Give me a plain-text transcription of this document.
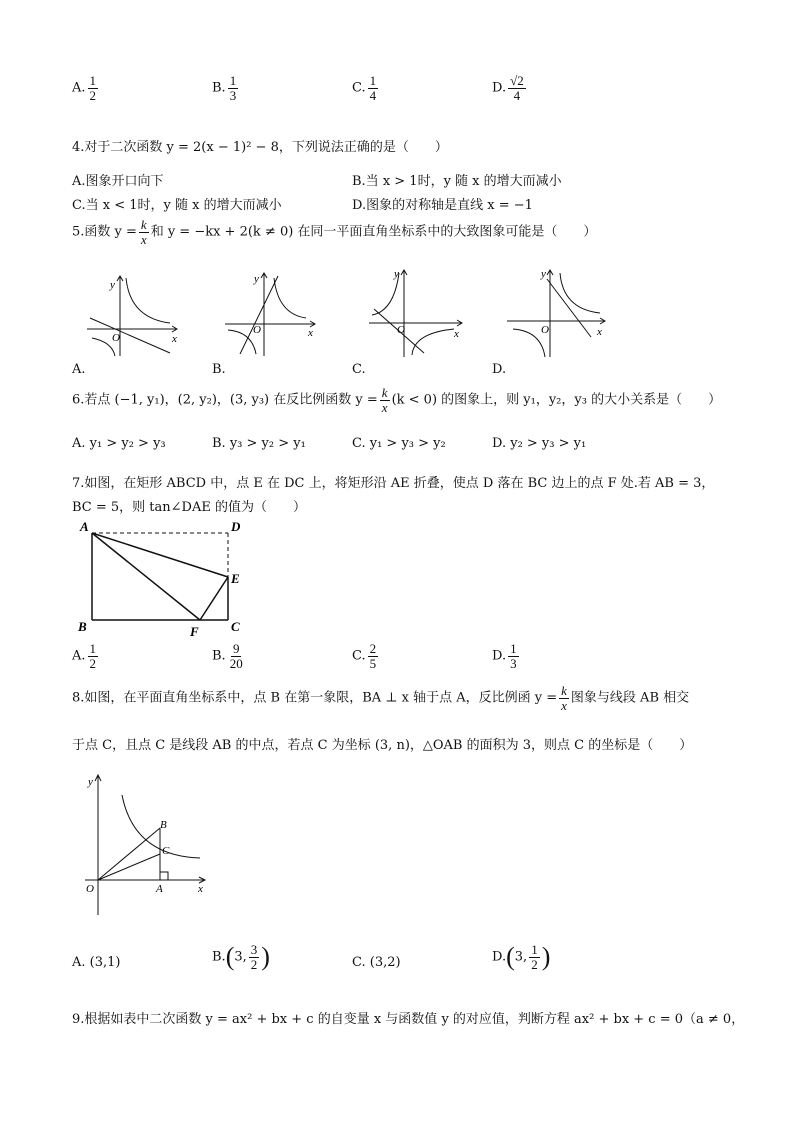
A. $\frac{1}{2}$	B. $\frac{1}{3}$	C. $\frac{1}{4}$	D. $\frac{√2}{4}$
4.对于二次函数 y = 2(x − 1)² − 8，下列说法正确的是（　　）
A.图象开口向下	B.当 x > 1时，y 随 x 的增大而减小
C.当 x < 1时，y 随 x 的增大而减小	D.图象的对称轴是直线 x = −1
5.函数 $y = \frac{k}{x}$ 和 y = −kx + 2(k ≠ 0) 在同一平面直角坐标系中的大致图象可能是（　　）
y
x
O
A.
y
x
O
B.
y
x
O
C.
y
x
O
D.
6.若点 (−1, y₁)，(2, y₂)，(3, y₃) 在反比例函数 $y = \frac{k}{x} (k < 0)$ 的图象上，则 y₁，y₂，y₃ 的大小关系是（　　）
A. y₁ > y₂ > y₃	B. y₃ > y₂ > y₁	C. y₁ > y₃ > y₂	D. y₂ > y₃ > y₁
7.如图，在矩形 ABCD 中，点 E 在 DC 上，将矩形沿 AE 折叠，使点 D 落在 BC 边上的点 F 处.若 AB = 3，
BC = 5，则 tan∠DAE 的值为（　　）
A	D
E
B	F C
A. $\frac{1}{2}$	B. $\frac{9}{20}$	C. $\frac{2}{5}$	D. $\frac{1}{3}$
8.如图，在平面直角坐标系中，点 B 在第一象限，BA ⊥ x 轴于点 A，反比例函 $y = \frac{k}{x}$ 图象与线段 AB 相交
于点 C，且点 C 是线段 AB 的中点，若点 C 为坐标 (3, n)，△OAB 的面积为 3，则点 C 的坐标是（　　）
y
x
O	A
B
C
A. (3,1)	B.(3, $\frac{3}{2}$ )	C. (3,2)	D.(3, $\frac{1}{2}$ )
9.根据如表中二次函数 y = ax² + bx + c 的自变量 x 与函数值 y 的对应值，判断方程 ax² + bx + c = 0（a ≠ 0，
